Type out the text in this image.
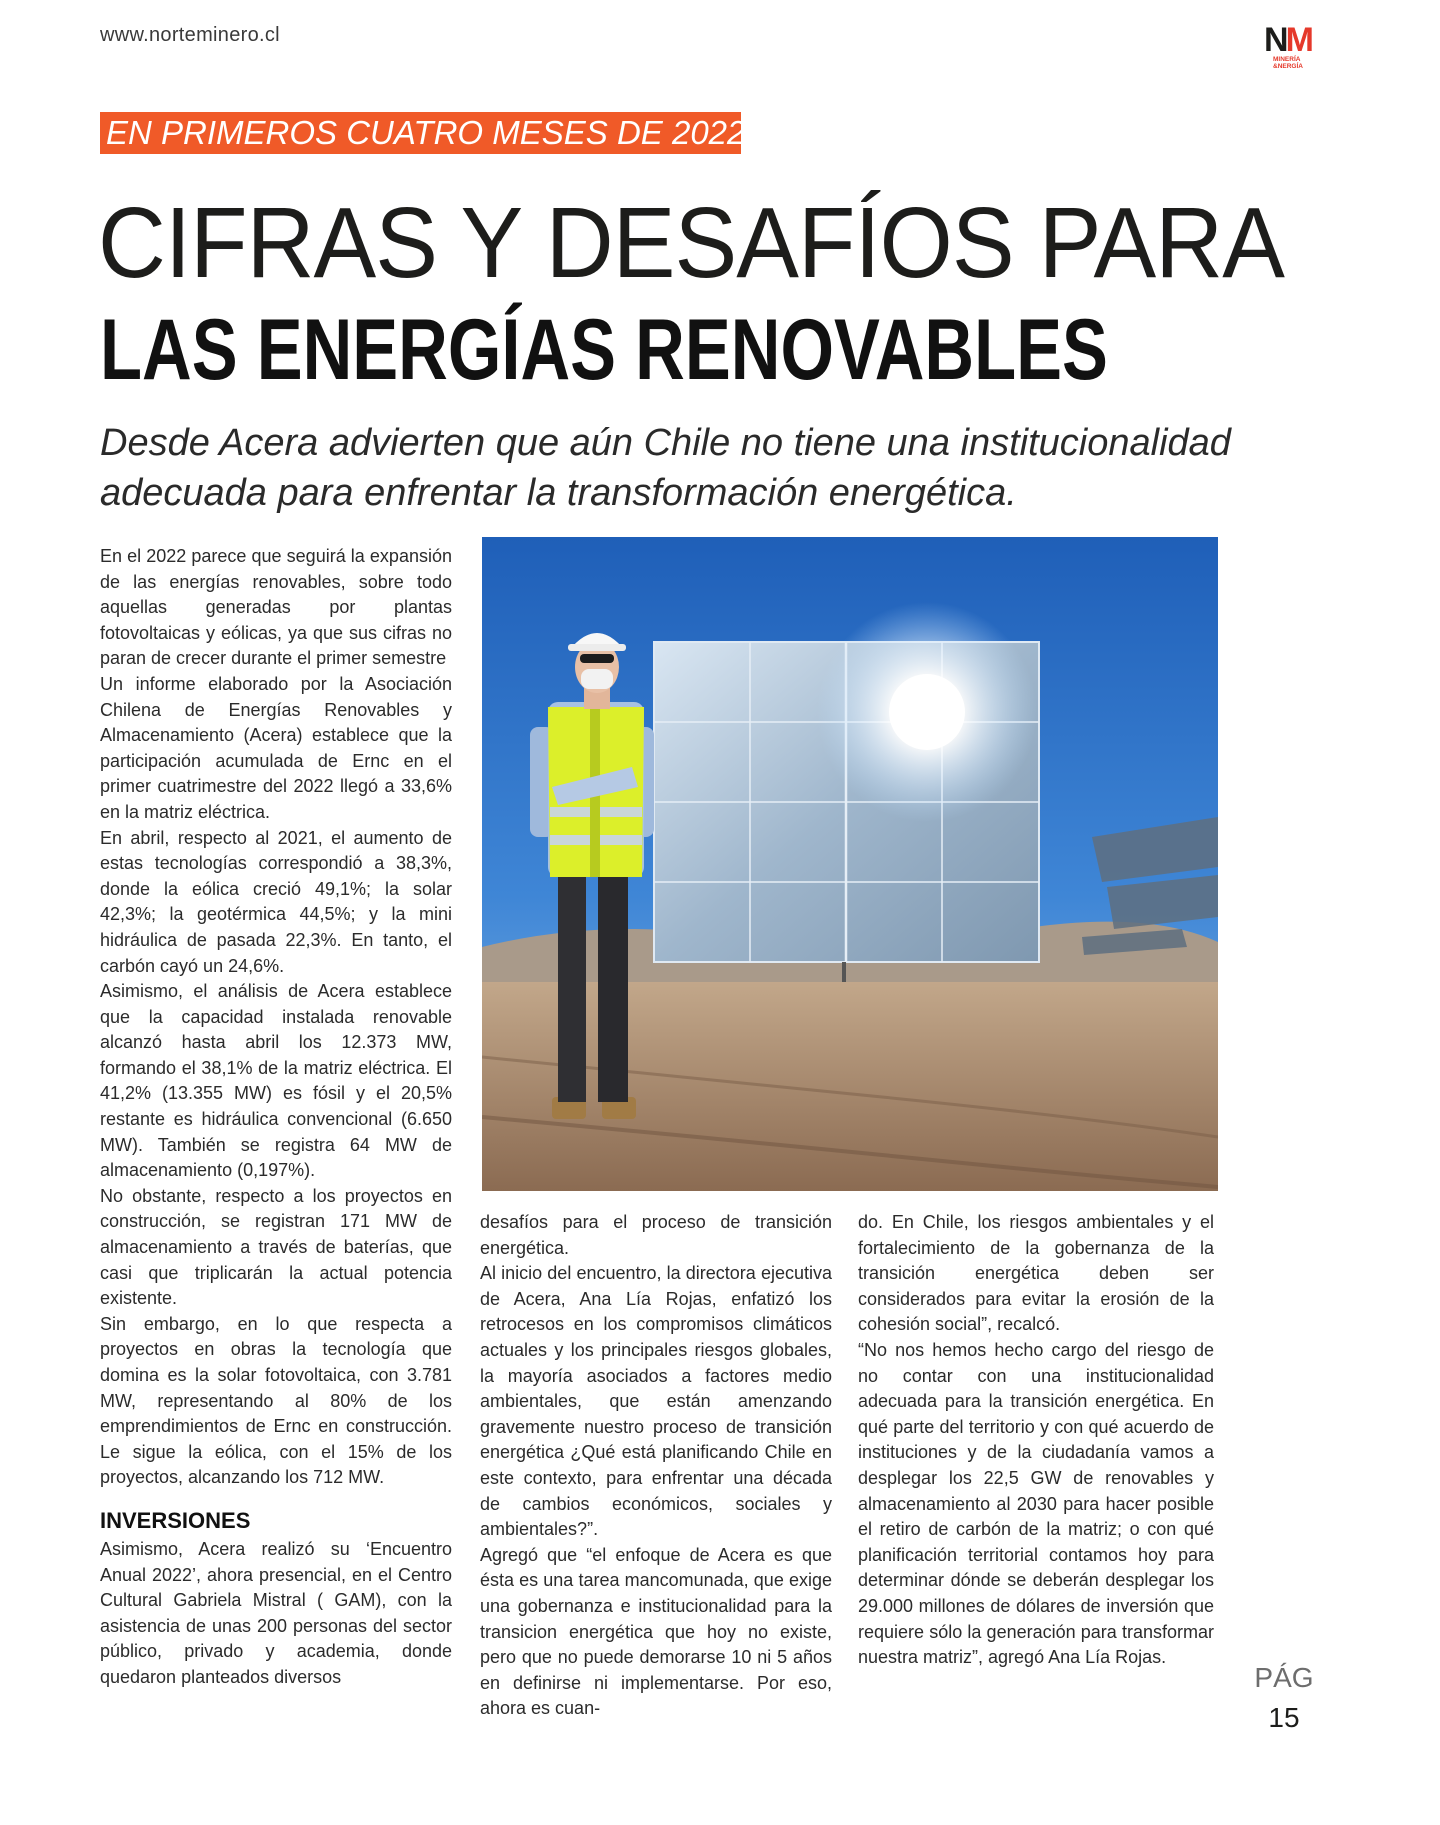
www.norteminero.cl	NM
MINERÍA
&NERGÍA
EN PRIMEROS CUATRO MESES DE 2022
CIFRAS Y DESAFÍOS PARA
LAS ENERGÍAS RENOVABLES

Desde Acera advierten que aún Chile no tiene una institucionalidad adecuada para enfrentar la transformación energética.

En el 2022 parece que seguirá la expansión de las energías renovables, sobre todo aquellas generadas por plantas fotovoltaicas y eólicas, ya que sus cifras no paran de crecer durante el primer semestre

Un informe elaborado por la Asociación Chilena de Energías Renovables y Almacenamiento (Acera) establece que la participación acumulada de Ernc en el primer cuatrimestre del 2022 llegó a 33,6% en la matriz eléctrica.

En abril, respecto al 2021, el aumento de estas tecnologías correspondió a 38,3%, donde la eólica creció 49,1%; la solar 42,3%; la geotérmica 44,5%; y la mini hidráulica de pasada 22,3%. En tanto, el carbón cayó un 24,6%.

Asimismo, el análisis de Acera establece que la capacidad instalada renovable alcanzó hasta abril los 12.373 MW, formando el 38,1% de la matriz eléctrica. El 41,2% (13.355 MW) es fósil y el 20,5% restante es hidráulica convencional (6.650 MW). También se registra 64 MW de almacenamiento (0,197%).

No obstante, respecto a los proyectos en construcción, se registran 171 MW de almacenamiento a través de baterías, que casi que triplicarán la actual potencia existente.

Sin embargo, en lo que respecta a proyectos en obras la tecnología que domina es la solar fotovoltaica, con 3.781 MW, representando al 80% de los emprendimientos de Ernc en construcción. Le sigue la eólica, con el 15% de los proyectos, alcanzando los 712 MW.

INVERSIONES

Asimismo, Acera realizó su ‘Encuentro Anual 2022’, ahora presencial, en el Centro Cultural Gabriela Mistral ( GAM), con la asistencia de unas 200 personas del sector público, privado y academia, donde quedaron planteados diversos

desafíos para el proceso de transición energética.

Al inicio del encuentro, la directora ejecutiva de Acera, Ana Lía Rojas, enfatizó los retrocesos en los compromisos climáticos actuales y los principales riesgos globales, la mayoría asociados a factores medio ambientales, que están amenzando gravemente nuestro proceso de transición energética ¿Qué está planificando Chile en este contexto, para enfrentar una década de cambios económicos, sociales y ambientales?”.

Agregó que “el enfoque de Acera es que ésta es una tarea mancomunada, que exige una gobernanza e institucionalidad para la transicion energética que hoy no existe, pero que no puede demorarse 10 ni 5 años en definirse ni implementarse. Por eso, ahora es cuan-

do. En Chile, los riesgos ambientales y el fortalecimiento de la gobernanza de la transición energética deben ser considerados para evitar la erosión de la cohesión social”, recalcó.

“No nos hemos hecho cargo del riesgo de no contar con una institucionalidad adecuada para la transición energética. En qué parte del territorio y con qué acuerdo de instituciones y de la ciudadanía vamos a desplegar los 22,5 GW de renovables y almacenamiento al 2030 para hacer posible el retiro de carbón de la matriz; o con qué planificación territorial contamos hoy para determinar dónde se deberán desplegar los 29.000 millones de dólares de inversión que requiere sólo la generación para transformar nuestra matriz”, agregó Ana Lía Rojas.

PÁG
15
